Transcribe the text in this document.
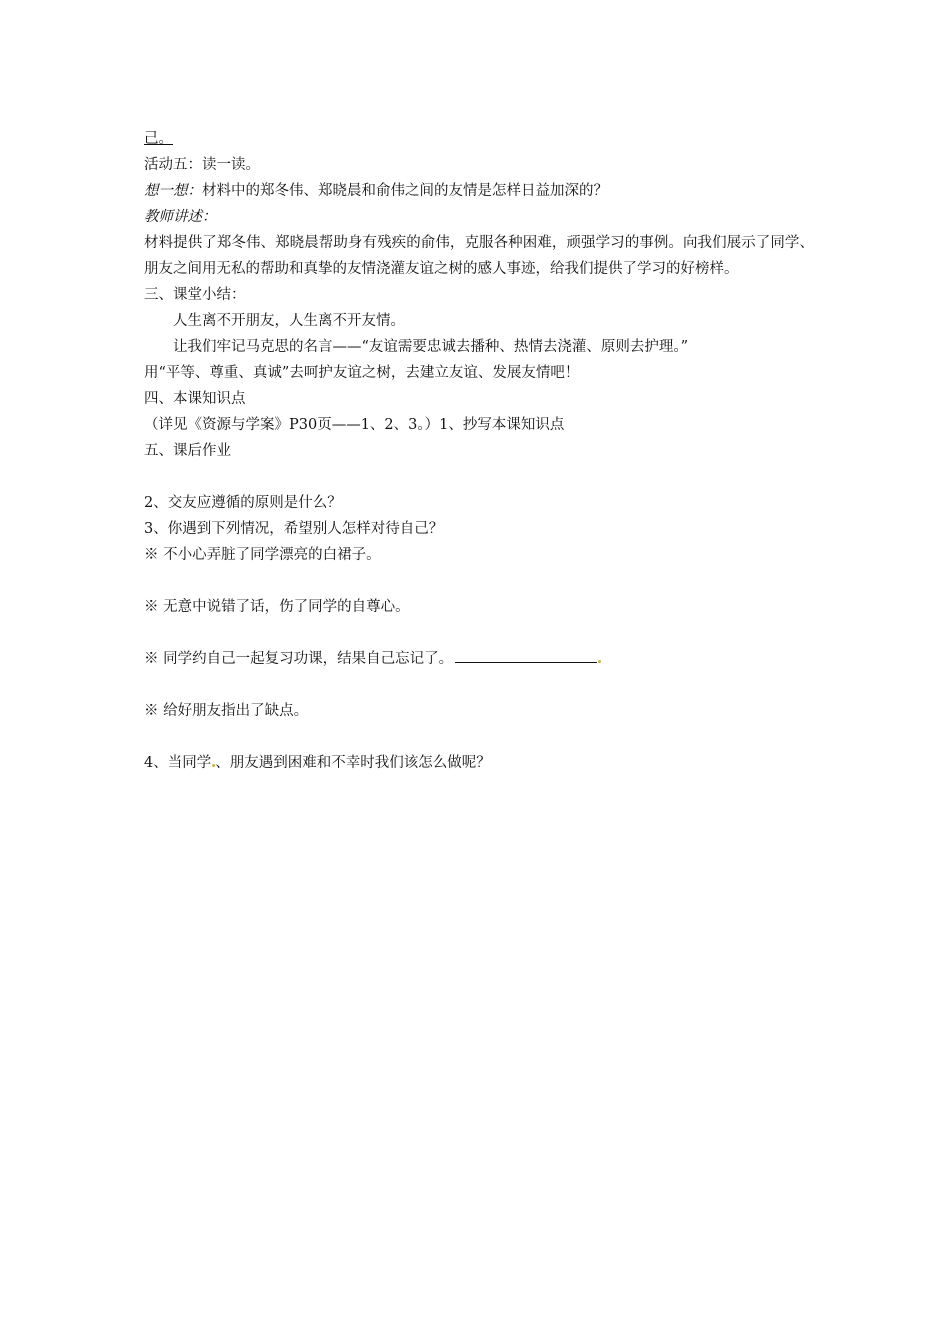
己。
活动五：读一读。
想一想：材料中的郑冬伟、郑晓晨和俞伟之间的友情是怎样日益加深的？
教师讲述：
材料提供了郑冬伟、郑晓晨帮助身有残疾的俞伟，克服各种困难，顽强学习的事例。向我们展示了同学、朋友之间用无私的帮助和真挚的友情浇灌友谊之树的感人事迹，给我们提供了学习的好榜样。
三、课堂小结：
人生离不开朋友，人生离不开友情。
让我们牢记马克思的名言——“友谊需要忠诚去播种、热情去浇灌、原则去护理。”
用“平等、尊重、真诚”去呵护友谊之树，去建立友谊、发展友情吧！
四、本课知识点
（详见《资源与学案》P30页——1、2、3。）1、抄写本课知识点
五、课后作业
2、交友应遵循的原则是什么？
3、你遇到下列情况，希望别人怎样对待自己？
※ 不小心弄脏了同学漂亮的白裙子。
※ 无意中说错了话，伤了同学的自尊心。
※ 同学约自己一起复习功课，结果自己忘记了。
※ 给好朋友指出了缺点。
4、当同学 、朋友遇到困难和不幸时我们该怎么做呢？
